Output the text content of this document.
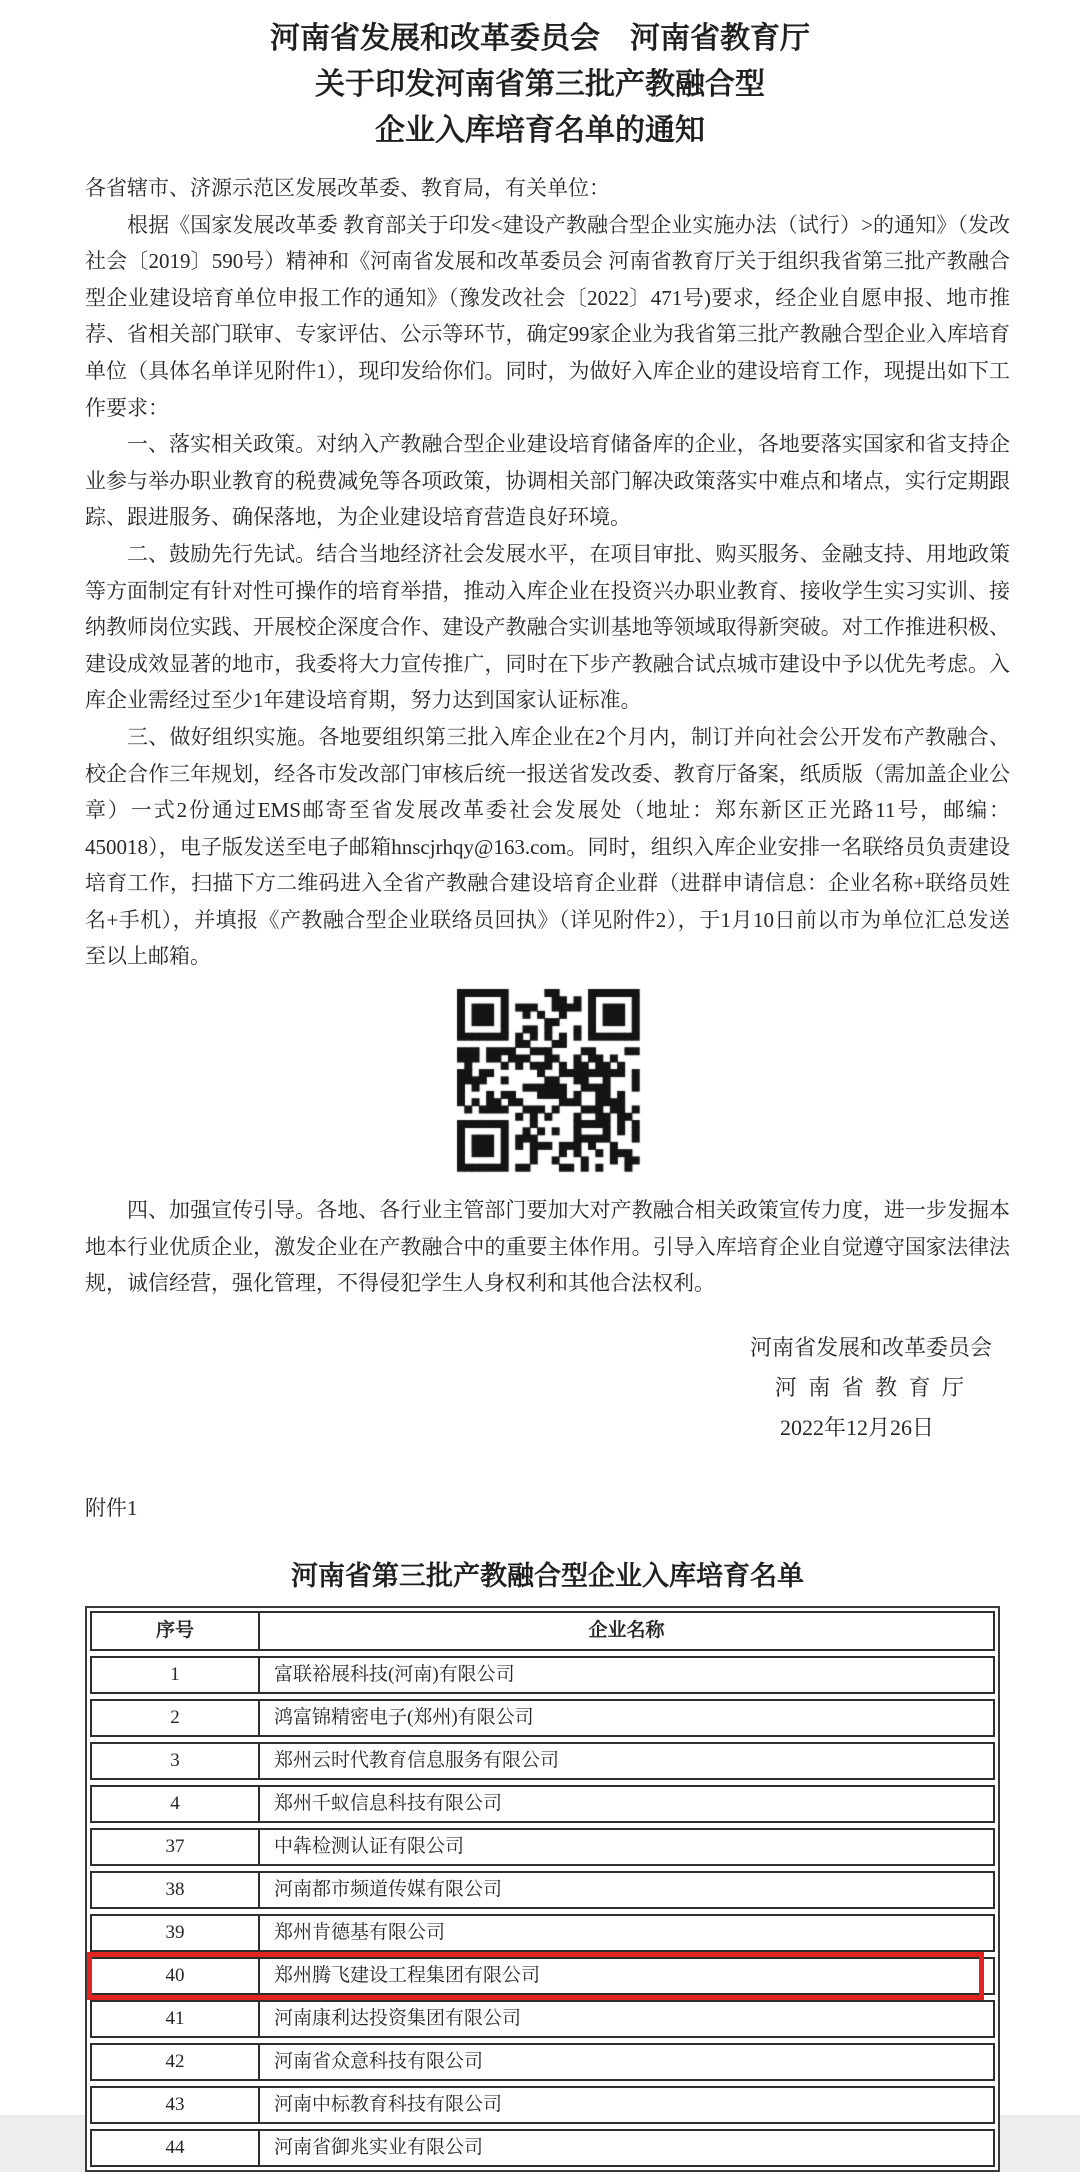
河南省发展和改革委员会　河南省教育厅
关于印发河南省第三批产教融合型
企业入库培育名单的通知

各省辖市、济源示范区发展改革委、教育局，有关单位：

根据《国家发展改革委 教育部关于印发<建设产教融合型企业实施办法（试行）>的通知》（发改社会〔2019〕590号）精神和《河南省发展和改革委员会 河南省教育厅关于组织我省第三批产教融合型企业建设培育单位申报工作的通知》（豫发改社会〔2022〕471号)要求，经企业自愿申报、地市推荐、省相关部门联审、专家评估、公示等环节，确定99家企业为我省第三批产教融合型企业入库培育单位（具体名单详见附件1），现印发给你们。同时，为做好入库企业的建设培育工作，现提出如下工作要求：

一、落实相关政策。对纳入产教融合型企业建设培育储备库的企业，各地要落实国家和省支持企业参与举办职业教育的税费减免等各项政策，协调相关部门解决政策落实中难点和堵点，实行定期跟踪、跟进服务、确保落地，为企业建设培育营造良好环境。

二、鼓励先行先试。结合当地经济社会发展水平，在项目审批、购买服务、金融支持、用地政策等方面制定有针对性可操作的培育举措，推动入库企业在投资兴办职业教育、接收学生实习实训、接纳教师岗位实践、开展校企深度合作、建设产教融合实训基地等领域取得新突破。对工作推进积极、建设成效显著的地市，我委将大力宣传推广，同时在下步产教融合试点城市建设中予以优先考虑。入库企业需经过至少1年建设培育期，努力达到国家认证标准。

三、做好组织实施。各地要组织第三批入库企业在2个月内，制订并向社会公开发布产教融合、校企合作三年规划，经各市发改部门审核后统一报送省发改委、教育厅备案，纸质版（需加盖企业公章）一式2份通过EMS邮寄至省发展改革委社会发展处（地址：郑东新区正光路11号，邮编：450018），电子版发送至电子邮箱hnscjrhqy@163.com。同时，组织入库企业安排一名联络员负责建设培育工作，扫描下方二维码进入全省产教融合建设培育企业群（进群申请信息：企业名称+联络员姓名+手机），并填报《产教融合型企业联络员回执》（详见附件2），于1月10日前以市为单位汇总发送至以上邮箱。

四、加强宣传引导。各地、各行业主管部门要加大对产教融合相关政策宣传力度，进一步发掘本地本行业优质企业，激发企业在产教融合中的重要主体作用。引导入库培育企业自觉遵守国家法律法规，诚信经营，强化管理，不得侵犯学生人身权利和其他合法权利。

河南省发展和改革委员会
河南省教育厅
2022年12月26日
附件1
河南省第三批产教融合型企业入库培育名单
序号	企业名称
1	富联裕展科技(河南)有限公司
2	鸿富锦精密电子(郑州)有限公司
3	郑州云时代教育信息服务有限公司
4	郑州千蚁信息科技有限公司
37	中犇检测认证有限公司
38	河南都市频道传媒有限公司
39	郑州肯德基有限公司
40	郑州腾飞建设工程集团有限公司
41	河南康利达投资集团有限公司
42	河南省众意科技有限公司
43	河南中标教育科技有限公司
44	河南省御兆实业有限公司
